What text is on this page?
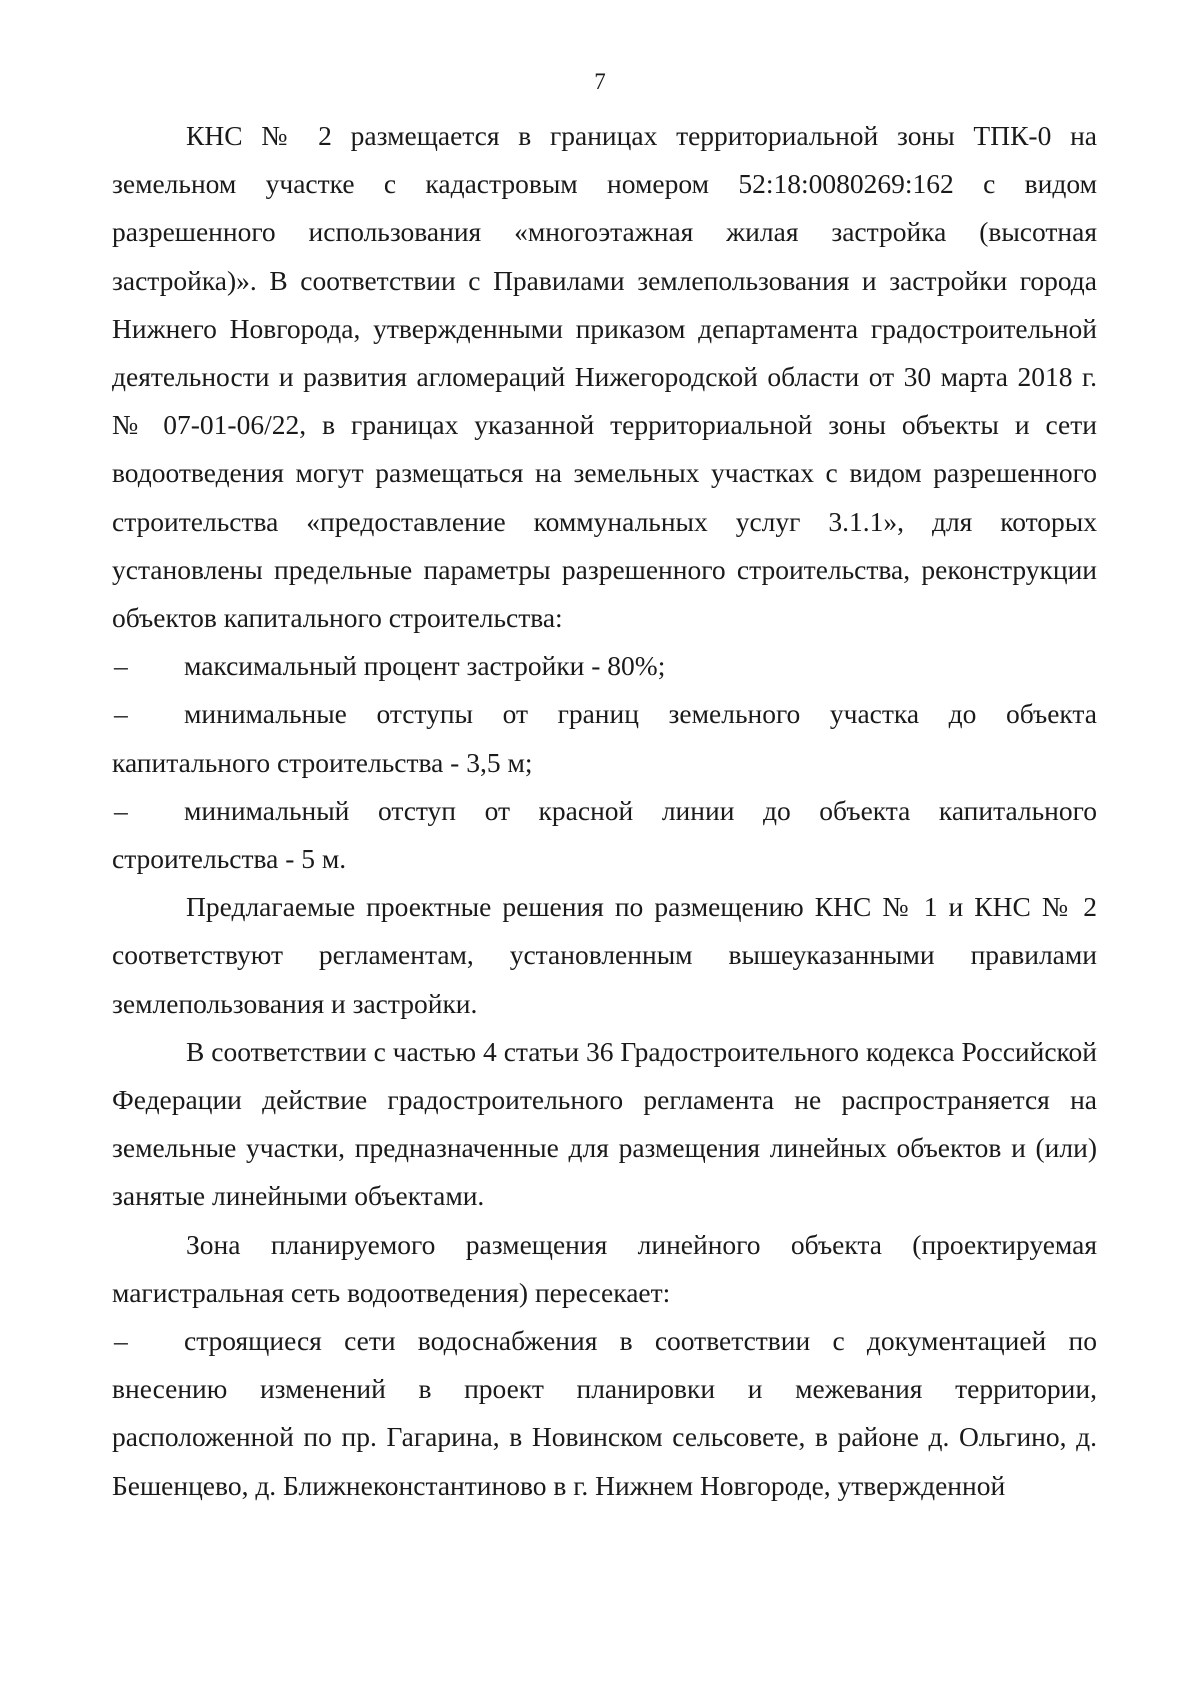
7

КНС № 2 размещается в границах территориальной зоны ТПК-0 на земельном участке с кадастровым номером 52:18:0080269:162 с видом разрешенного использования «многоэтажная жилая застройка (высотная застройка)». В соответствии с Правилами землепользования и застройки города Нижнего Новгорода, утвержденными приказом департамента градостроительной деятельности и развития агломераций Нижегородской области от 30 марта 2018 г. № 07-01-06/22, в границах указанной территориальной зоны объекты и сети водоотведения могут размещаться на земельных участках с видом разрешенного строительства «предоставление коммунальных услуг 3.1.1», для которых установлены предельные параметры разрешенного строительства, реконструкции объектов капитального строительства:

– максимальный процент застройки - 80%;

– минимальные отступы от границ земельного участка до объекта капитального строительства - 3,5 м;

– минимальный отступ от красной линии до объекта капитального строительства - 5 м.

Предлагаемые проектные решения по размещению КНС № 1 и КНС № 2 соответствуют регламентам, установленным вышеуказанными правилами землепользования и застройки.

В соответствии с частью 4 статьи 36 Градостроительного кодекса Российской Федерации действие градостроительного регламента не распространяется на земельные участки, предназначенные для размещения линейных объектов и (или) занятые линейными объектами.

Зона планируемого размещения линейного объекта (проектируемая магистральная сеть водоотведения) пересекает:

– строящиеся сети водоснабжения в соответствии с документацией по внесению изменений в проект планировки и межевания территории, расположенной по пр. Гагарина, в Новинском сельсовете, в районе д. Ольгино, д. Бешенцево, д. Ближнеконстантиново в г. Нижнем Новгороде, утвержденной
